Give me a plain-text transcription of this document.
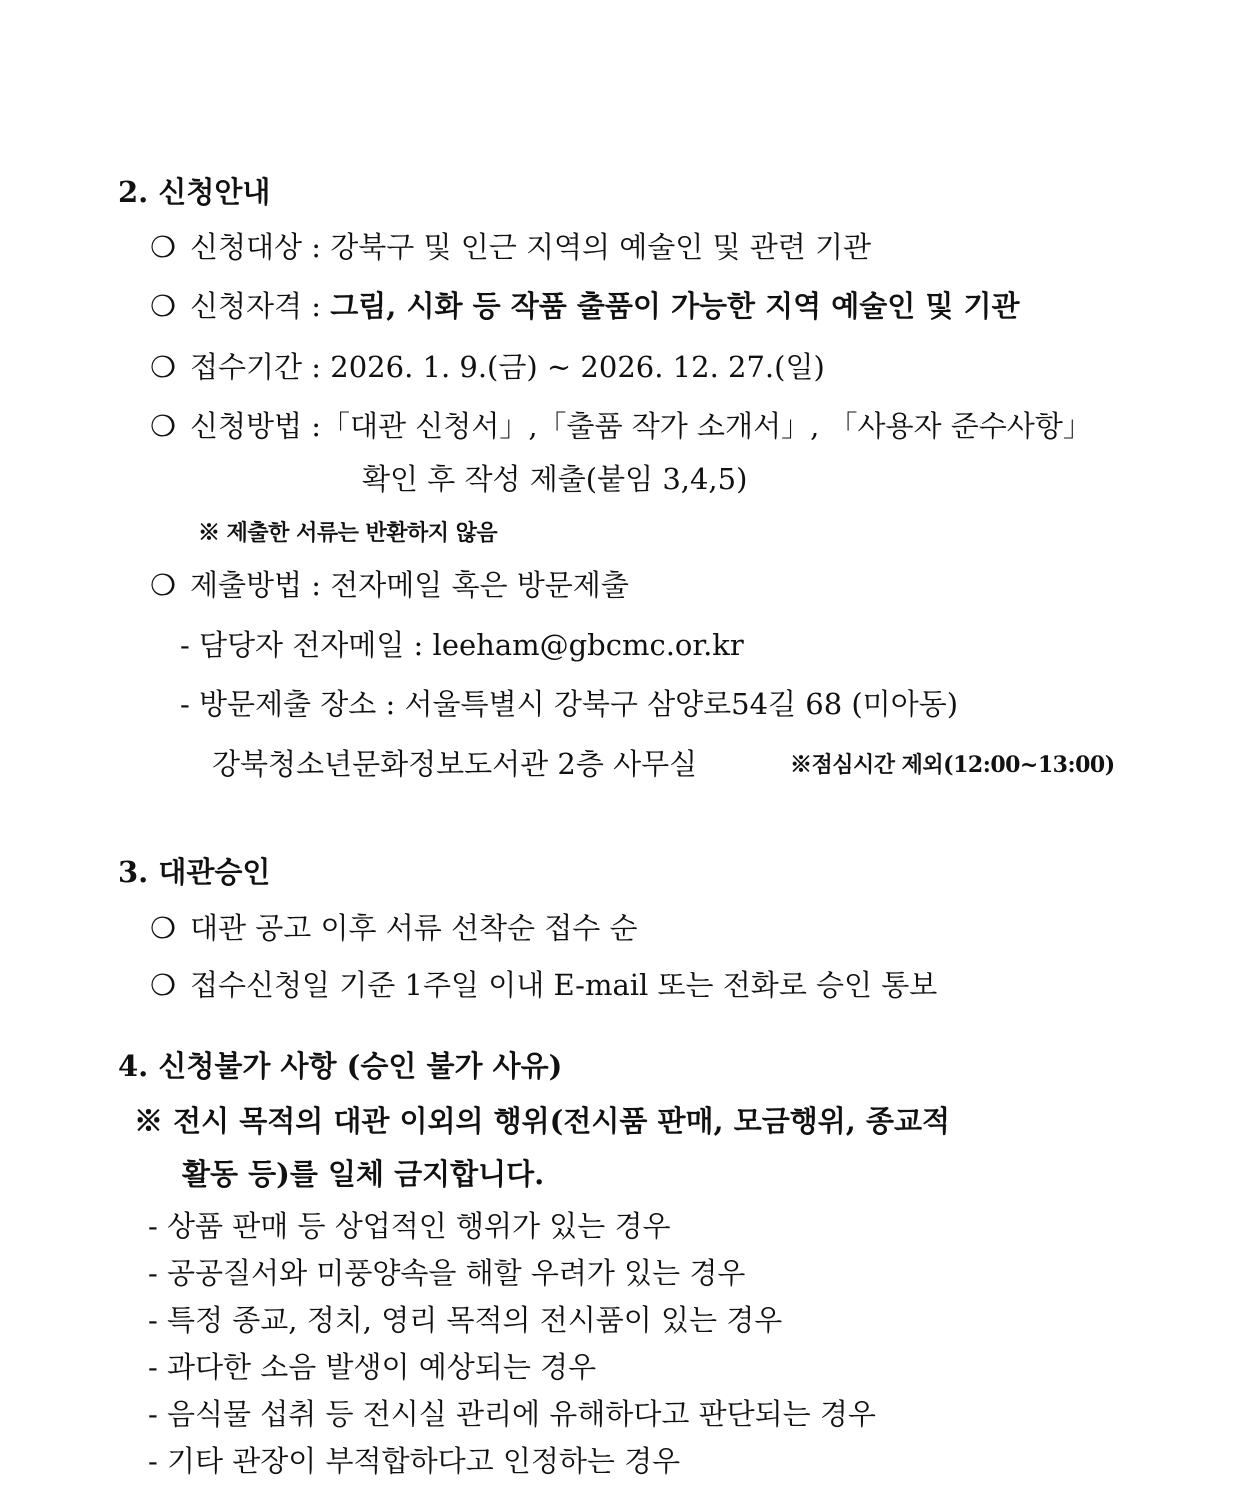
2. 신청안내
❍ 신청대상 : 강북구 및 인근 지역의 예술인 및 관련 기관
❍ 신청자격 : 그림, 시화 등 작품 출품이 가능한 지역 예술인 및 기관
❍ 접수기간 : 2026. 1. 9.(금) ~ 2026. 12. 27.(일)
❍ 신청방법 :「대관 신청서」,「출품 작가 소개서」, 「사용자 준수사항」
확인 후 작성 제출(붙임 3,4,5)
※ 제출한 서류는 반환하지 않음
❍ 제출방법 : 전자메일 혹은 방문제출
- 담당자 전자메일 : leeham@gbcmc.or.kr
- 방문제출 장소 : 서울특별시 강북구 삼양로54길 68 (미아동)
강북청소년문화정보도서관 2층 사무실	※점심시간 제외(12:00~13:00)
3. 대관승인
❍ 대관 공고 이후 서류 선착순 접수 순
❍ 접수신청일 기준 1주일 이내 E-mail 또는 전화로 승인 통보
4. 신청불가 사항 (승인 불가 사유)
※ 전시 목적의 대관 이외의 행위(전시품 판매, 모금행위, 종교적
활동 등)를 일체 금지합니다.
- 상품 판매 등 상업적인 행위가 있는 경우
- 공공질서와 미풍양속을 해할 우려가 있는 경우
- 특정 종교, 정치, 영리 목적의 전시품이 있는 경우
- 과다한 소음 발생이 예상되는 경우
- 음식물 섭취 등 전시실 관리에 유해하다고 판단되는 경우
- 기타 관장이 부적합하다고 인정하는 경우
